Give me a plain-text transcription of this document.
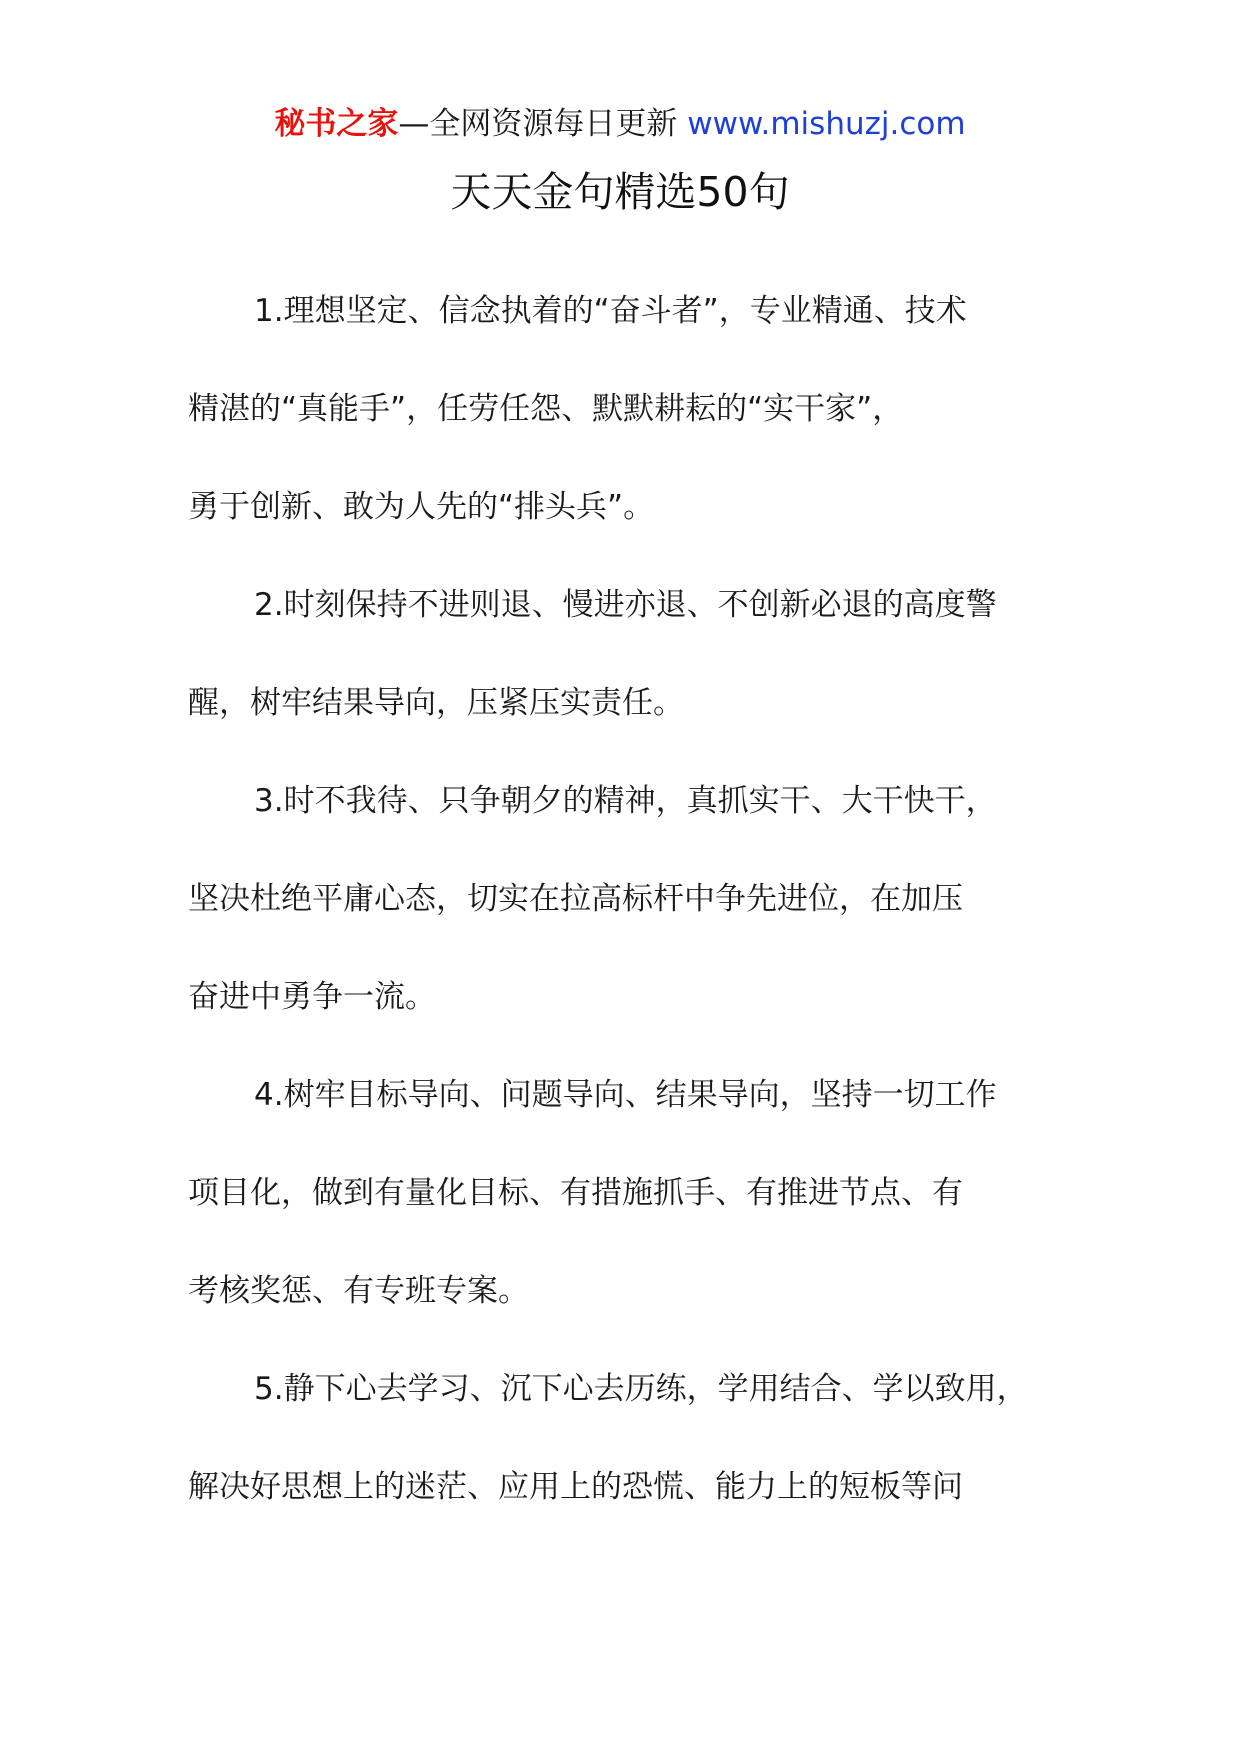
秘书之家—全网资源每日更新 www.mishuzj.com
天天金句精选50句

1.理想坚定、信念执着的“奋斗者”，专业精通、技术
精湛的“真能手”，任劳任怨、默默耕耘的“实干家”，
勇于创新、敢为人先的“排头兵”。

2.时刻保持不进则退、慢进亦退、不创新必退的高度警
醒，树牢结果导向，压紧压实责任。

3.时不我待、只争朝夕的精神，真抓实干、大干快干，
坚决杜绝平庸心态，切实在拉高标杆中争先进位，在加压
奋进中勇争一流。

4.树牢目标导向、问题导向、结果导向，坚持一切工作
项目化，做到有量化目标、有措施抓手、有推进节点、有
考核奖惩、有专班专案。

5.静下心去学习、沉下心去历练，学用结合、学以致用，
解决好思想上的迷茫、应用上的恐慌、能力上的短板等问
